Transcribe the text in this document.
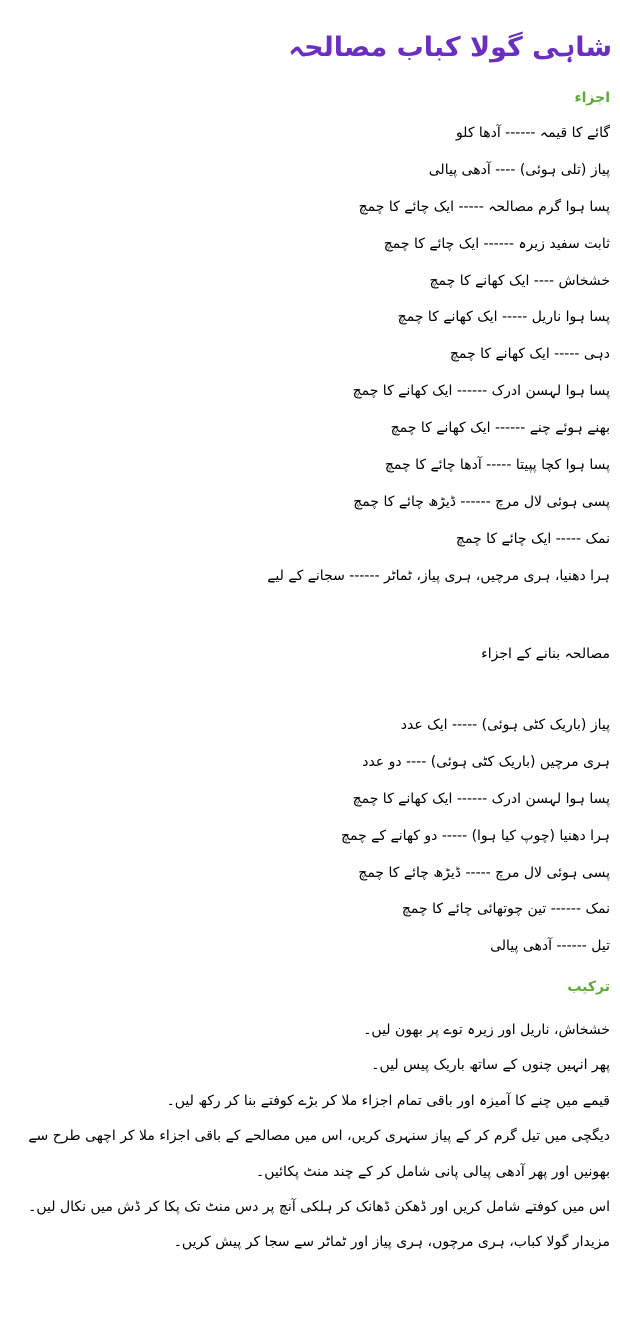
شاہی گولا کباب مصالحہ
اجزاء
گائے کا قیمہ ------ آدھا کلو
پیاز (تلی ہوئی) ---- آدھی پیالی
پسا ہوا گرم مصالحہ ----- ایک چائے کا چمچ
ثابت سفید زیرہ ------ ایک چائے کا چمچ
خشخاش ---- ایک کھانے کا چمچ
پسا ہوا ناریل ----- ایک کھانے کا چمچ
دہی ----- ایک کھانے کا چمچ
پسا ہوا لہسن ادرک ------ ایک کھانے کا چمچ
بھنے ہوئے چنے ------ ایک کھانے کا چمچ
پسا ہوا کچا پپیتا ----- آدھا چائے کا چمچ
پسی ہوئی لال مرچ ------ ڈیڑھ چائے کا چمچ
نمک ----- ایک چائے کا چمچ
ہرا دھنیا، ہری مرچیں، ہری پیاز، ٹماٹر ------ سجانے کے لیے

مصالحہ بنانے کے اجزاء

پیاز (باریک کٹی ہوئی) ----- ایک عدد
ہری مرچیں (باریک کٹی ہوئی) ---- دو عدد
پسا ہوا لہسن ادرک ------ ایک کھانے کا چمچ
ہرا دھنیا (چوپ کیا ہوا) ----- دو کھانے کے چمچ
پسی ہوئی لال مرچ ----- ڈیڑھ چائے کا چمچ
نمک ------ تین چوتھائی چائے کا چمچ
تیل ------ آدھی پیالی
ترکیب
خشخاش، ناریل اور زیرہ توے پر بھون لیں۔
پھر انہیں چنوں کے ساتھ باریک پیس لیں۔
قیمے میں چنے کا آمیزہ اور باقی تمام اجزاء ملا کر بڑے کوفتے بنا کر رکھ لیں۔
دیگچی میں تیل گرم کر کے پیاز سنہری کریں، اس میں مصالحے کے باقی اجزاء ملا کر اچھی طرح سے بھونیں اور پھر آدھی پیالی پانی شامل کر کے چند منٹ پکائیں۔
اس میں کوفتے شامل کریں اور ڈھکن ڈھانک کر ہلکی آنچ پر دس منٹ تک پکا کر ڈش میں نکال لیں۔
مزیدار گولا کباب، ہری مرچوں، ہری پیاز اور ٹماٹر سے سجا کر پیش کریں۔
